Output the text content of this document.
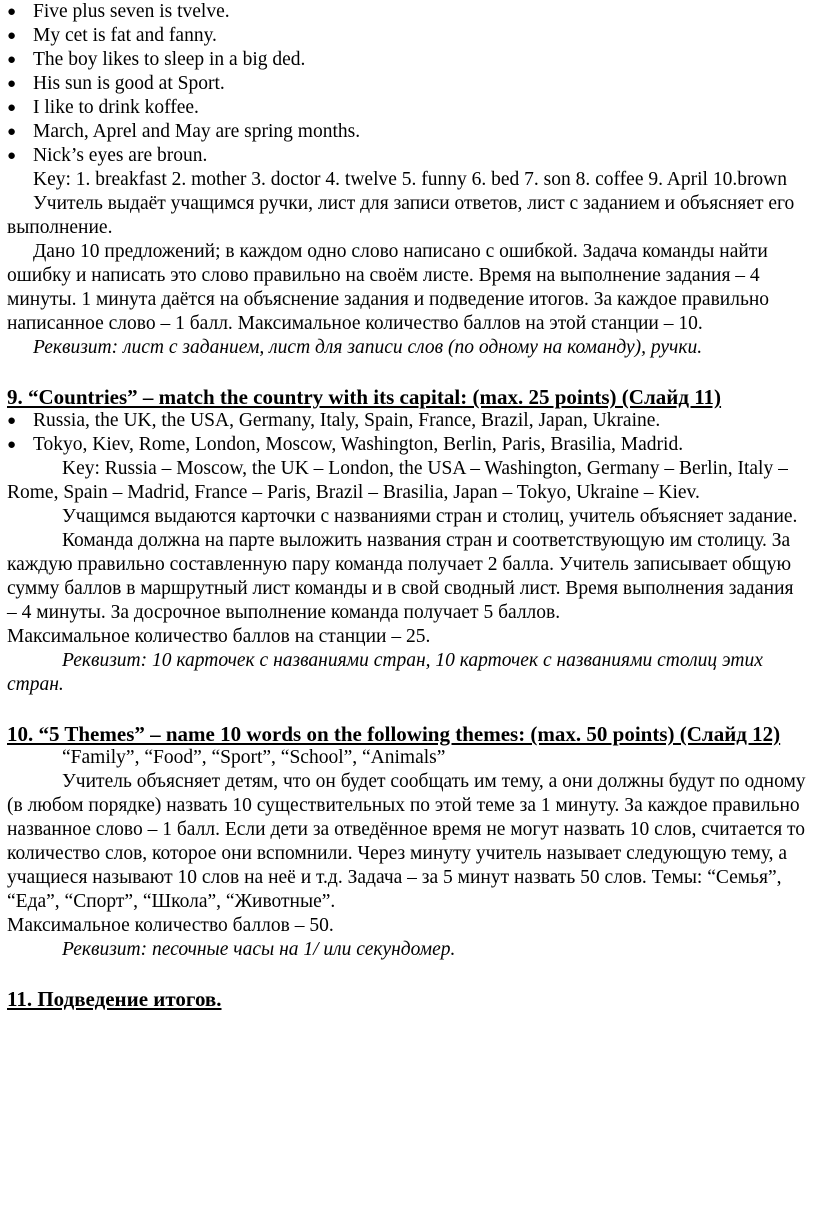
● Five plus seven is tvelve.
● My cet is fat and fanny.
● The boy likes to sleep in a big ded.
● His sun is good at Sport.
● I like to drink koffee.
● March, Aprel and May are spring months.
● Nick’s eyes are broun.

Key: 1. breakfast 2. mother 3. doctor 4. twelve 5. funny 6. bed 7. son 8. coffee 9. April 10.brown

Учитель выдаёт учащимся ручки, лист для записи ответов, лист с заданием и объясняет его выполнение.

Дано 10 предложений; в каждом одно слово написано с ошибкой. Задача команды найти ошибку и написать это слово правильно на своём листе. Время на выполнение задания – 4 минуты. 1 минута даётся на объяснение задания и подведение итогов. За каждое правильно написанное слово – 1 балл. Максимальное количество баллов на этой станции – 10.

Реквизит: лист с заданием, лист для записи слов (по одному на команду), ручки.

9. “Countries” – match the country with its capital: (max. 25 points) (Слайд 11)
● Russia, the UK, the USA, Germany, Italy, Spain, France, Brazil, Japan, Ukraine.
● Tokyo, Kiev, Rome, London, Moscow, Washington, Berlin, Paris, Brasilia, Madrid.

Key: Russia – Moscow, the UK – London, the USA – Washington, Germany – Berlin, Italy – Rome, Spain – Madrid, France – Paris, Brazil – Brasilia, Japan – Tokyo, Ukraine – Kiev.

Учащимся выдаются карточки с названиями стран и столиц, учитель объясняет задание.

Команда должна на парте выложить названия стран и соответствующую им столицу. За каждую правильно составленную пару команда получает 2 балла. Учитель записывает общую сумму баллов в маршрутный лист команды и в свой сводный лист. Время выполнения задания – 4 минуты. За досрочное выполнение команда получает 5 баллов.

Максимальное количество баллов на станции – 25.

Реквизит: 10 карточек с названиями стран, 10 карточек с названиями столиц этих стран.

10. “5 Themes” – name 10 words on the following themes: (max. 50 points) (Слайд 12)

“Family”, “Food”, “Sport”, “School”, “Animals”

Учитель объясняет детям, что он будет сообщать им тему, а они должны будут по одному (в любом порядке) назвать 10 существительных по этой теме за 1 минуту. За каждое правильно названное слово – 1 балл. Если дети за отведённое время не могут назвать 10 слов, считается то количество слов, которое они вспомнили. Через минуту учитель называет следующую тему, а учащиеся называют 10 слов на неё и т.д. Задача – за 5 минут назвать 50 слов. Темы: “Семья”, “Еда”, “Спорт”, “Школа”, “Животные”.

Максимальное количество баллов – 50.

Реквизит: песочные часы на 1/ или секундомер.

11. Подведение итогов.
